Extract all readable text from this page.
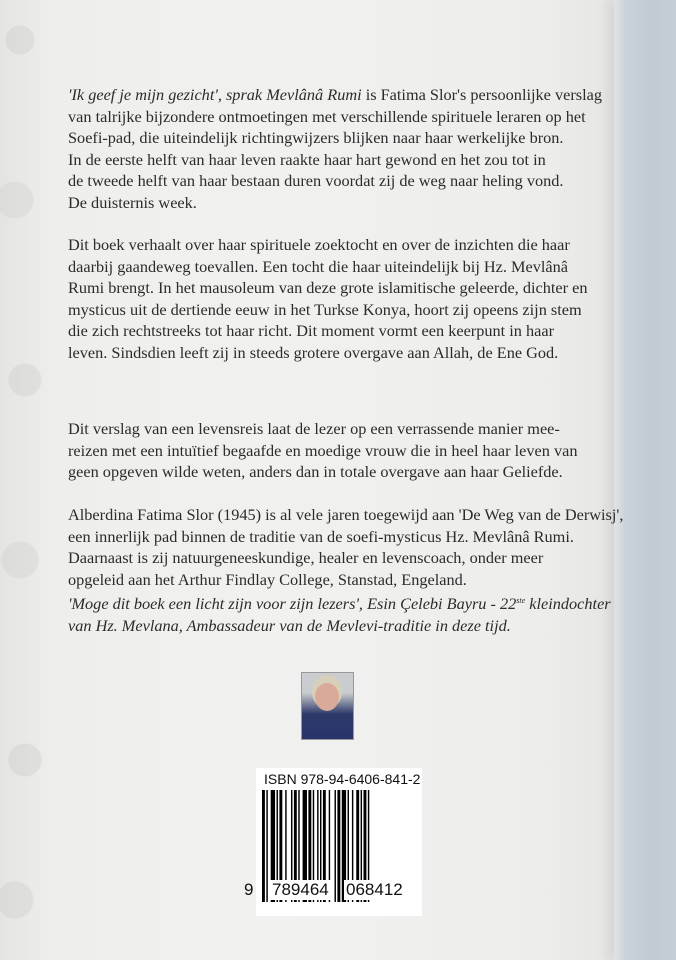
'Ik geef je mijn gezicht', sprak Mevlânâ Rumi is Fatima Slor's persoonlijke verslag
van talrijke bijzondere ontmoetingen met verschillende spirituele leraren op het
Soefi-pad, die uiteindelijk richtingwijzers blijken naar haar werkelijke bron.
In de eerste helft van haar leven raakte haar hart gewond en het zou tot in
de tweede helft van haar bestaan duren voordat zij de weg naar heling vond.
De duisternis week.
Dit boek verhaalt over haar spirituele zoektocht en over de inzichten die haar
daarbij gaandeweg toevallen. Een tocht die haar uiteindelijk bij Hz. Mevlânâ
Rumi brengt. In het mausoleum van deze grote islamitische geleerde, dichter en
mysticus uit de dertiende eeuw in het Turkse Konya, hoort zij opeens zijn stem
die zich rechtstreeks tot haar richt. Dit moment vormt een keerpunt in haar
leven. Sindsdien leeft zij in steeds grotere overgave aan Allah, de Ene God.
Dit verslag van een levensreis laat de lezer op een verrassende manier mee-
reizen met een intuïtief begaafde en moedige vrouw die in heel haar leven van
geen opgeven wilde weten, anders dan in totale overgave aan haar Geliefde.
Alberdina Fatima Slor (1945) is al vele jaren toegewijd aan 'De Weg van de Derwisj',
een innerlijk pad binnen de traditie van de soefi-mysticus Hz. Mevlânâ Rumi.
Daarnaast is zij natuurgeneeskundige, healer en levenscoach, onder meer
opgeleid aan het Arthur Findlay College, Stanstad, Engeland.
'Moge dit boek een licht zijn voor zijn lezers', Esin Çelebi Bayru - 22ste kleindochter
van Hz. Mevlana, Ambassadeur van de Mevlevi-traditie in deze tijd.
ISBN 978-94-6406-841-2
9 789464 068412
